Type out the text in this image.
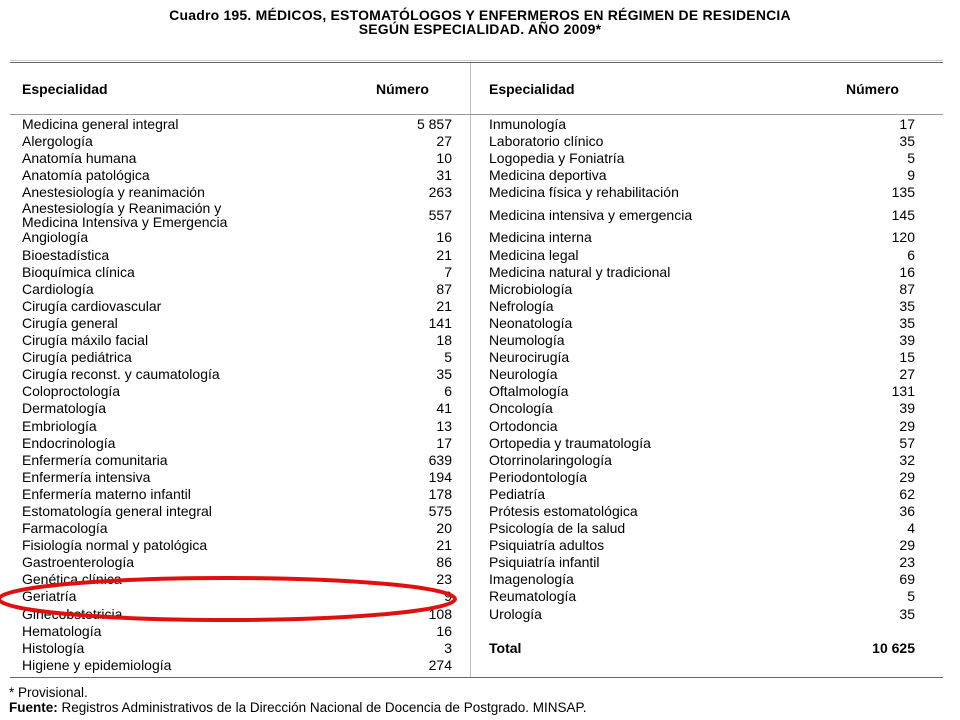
Cuadro 195. MÉDICOS, ESTOMATÓLOGOS Y ENFERMEROS EN RÉGIMEN DE RESIDENCIA
SEGÚN ESPECIALIDAD. AÑO 2009*
Especialidad	Número	Especialidad	Número
Medicina general integral	5 857
Alergología	27
Anatomía humana	10
Anatomía patológica	31
Anestesiología y reanimación	263
Anestesiología y Reanimación y
Medicina Intensiva y Emergencia	557
Angiología	16
Bioestadística	21
Bioquímica clínica	7
Cardiología	87
Cirugía cardiovascular	21
Cirugía general	141
Cirugía máxilo facial	18
Cirugía pediátrica	5
Cirugía reconst. y caumatología	35
Coloproctología	6
Dermatología	41
Embriología	13
Endocrinología	17
Enfermería comunitaria	639
Enfermería intensiva	194
Enfermería materno infantil	178
Estomatología general integral	575
Farmacología	20
Fisiología normal y patológica	21
Gastroenterología	86
Genética clínica	23
Geriatría	9
Ginecobstetricia	108
Hematología	16
Histología	3
Higiene y epidemiología	274
Inmunología	17
Laboratorio clínico	35
Logopedia y Foniatría	5
Medicina deportiva	9
Medicina física y rehabilitación	135
Medicina intensiva y emergencia	145
Medicina interna	120
Medicina legal	6
Medicina natural y tradicional	16
Microbiología	87
Nefrología	35
Neonatología	35
Neumología	39
Neurocirugía	15
Neurología	27
Oftalmología	131
Oncología	39
Ortodoncia	29
Ortopedia y traumatología	57
Otorrinolaringología	32
Periodontología	29
Pediatría	62
Prótesis estomatológica	36
Psicología de la salud	4
Psiquiatría adultos	29
Psiquiatría infantil	23
Imagenología	69
Reumatología	5
Urología	35
Total	10 625
* Provisional.
Fuente: Registros Administrativos de la Dirección Nacional de Docencia de Postgrado. MINSAP.
